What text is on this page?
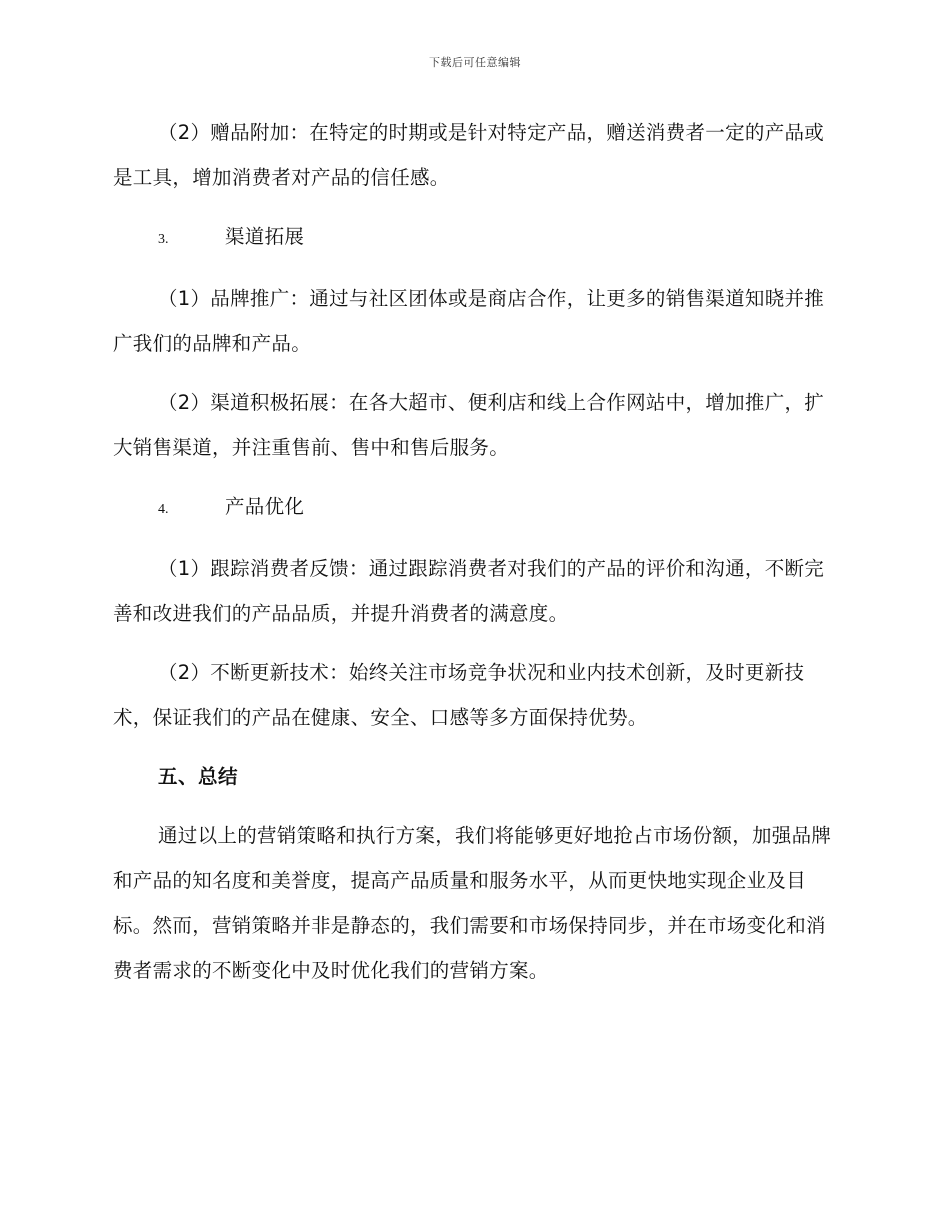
下载后可任意编辑

（2）赠品附加：在特定的时期或是针对特定产品，赠送消费者一定的产品或是工具，增加消费者对产品的信任感。

3.	渠道拓展

（1）品牌推广：通过与社区团体或是商店合作，让更多的销售渠道知晓并推广我们的品牌和产品。

（2）渠道积极拓展：在各大超市、便利店和线上合作网站中，增加推广，扩大销售渠道，并注重售前、售中和售后服务。

4.	产品优化

（1）跟踪消费者反馈：通过跟踪消费者对我们的产品的评价和沟通，不断完善和改进我们的产品品质，并提升消费者的满意度。

（2）不断更新技术：始终关注市场竞争状况和业内技术创新，及时更新技术，保证我们的产品在健康、安全、口感等多方面保持优势。

五、总结

通过以上的营销策略和执行方案，我们将能够更好地抢占市场份额，加强品牌和产品的知名度和美誉度，提高产品质量和服务水平，从而更快地实现企业及目标。然而，营销策略并非是静态的，我们需要和市场保持同步，并在市场变化和消费者需求的不断变化中及时优化我们的营销方案。
